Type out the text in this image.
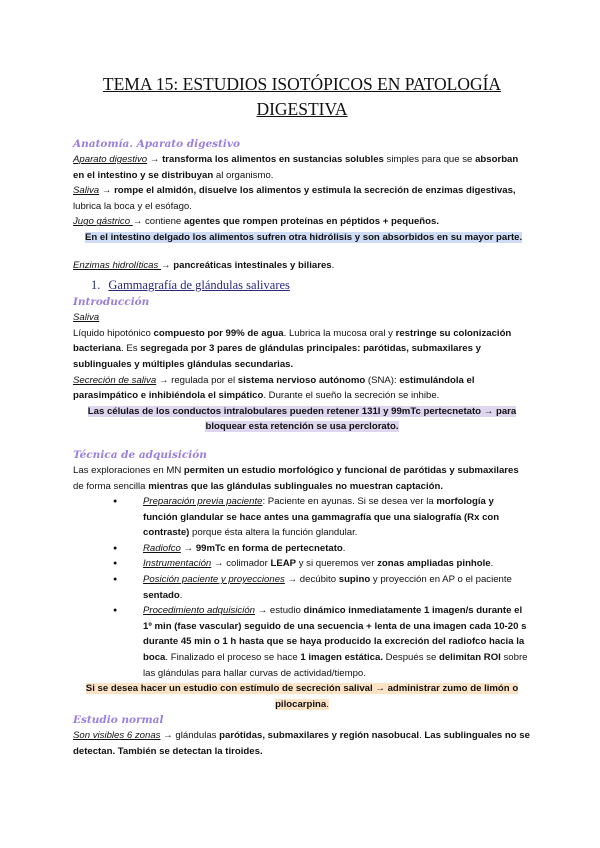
TEMA 15: ESTUDIOS ISOTÓPICOS EN PATOLOGÍA
DIGESTIVA
Anatomía. Aparato digestivo
Aparato digestivo → transforma los alimentos en sustancias solubles simples para que se absorban en el intestino y se distribuyan al organismo.
Saliva → rompe el almidón, disuelve los alimentos y estimula la secreción de enzimas digestivas, lubrica la boca y el esófago.
Jugo gástrico → contiene agentes que rompen proteínas en péptidos + pequeños.
En el intestino delgado los alimentos sufren otra hidrólisis y son absorbidos en su mayor parte.
Enzimas hidrolíticas → pancreáticas intestinales y biliares.
1. Gammagrafía de glándulas salivares
Introducción
Saliva
Líquido hipotónico compuesto por 99% de agua. Lubrica la mucosa oral y restringe su colonización bacteriana. Es segregada por 3 pares de glándulas principales: parótidas, submaxilares y sublinguales y múltiples glándulas secundarias.
Secreción de saliva → regulada por el sistema nervioso autónomo (SNA): estimulándola el parasimpático e inhibiéndola el simpático. Durante el sueño la secreción se inhibe.
Las células de los conductos intralobulares pueden retener 131I y 99mTc pertecnetato → para bloquear esta retención se usa perclorato.
Técnica de adquisición
Las exploraciones en MN permiten un estudio morfológico y funcional de parótidas y submaxilares de forma sencilla mientras que las glándulas sublinguales no muestran captación.
● Preparación previa paciente: Paciente en ayunas. Si se desea ver la morfología y función glandular se hace antes una gammagrafía que una sialografía (Rx con contraste) porque ésta altera la función glandular.
● Radiofco → 99mTc en forma de pertecnetato.
● Instrumentación → colimador LEAP y si queremos ver zonas ampliadas pinhole.
● Posición paciente y proyecciones → decúbito supino y proyección en AP o el paciente sentado.
● Procedimiento adquisición → estudio dinámico inmediatamente 1 imagen/s durante el 1º min (fase vascular) seguido de una secuencia + lenta de una imagen cada 10-20 s durante 45 min o 1 h hasta que se haya producido la excreción del radiofco hacia la boca. Finalizado el proceso se hace 1 imagen estática. Después se delimitan ROI sobre las glándulas para hallar curvas de actividad/tiempo.
Si se desea hacer un estudio con estímulo de secreción salival → administrar zumo de limón o pilocarpina.
Estudio normal
Son visibles 6 zonas → glándulas parótidas, submaxilares y región nasobucal. Las sublinguales no se detectan. También se detectan la tiroides.
